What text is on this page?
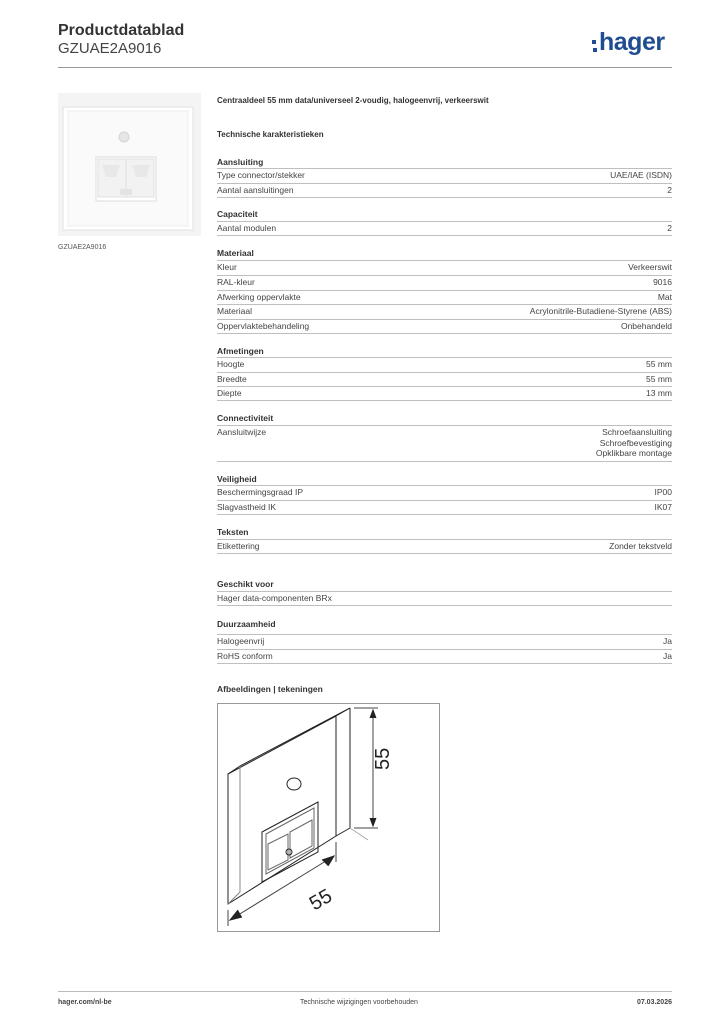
Productdatablad
GZUAE2A9016	hager
GZUAE2A9016
Centraaldeel 55 mm data/universeel 2-voudig, halogeenvrij, verkeerswit
Technische karakteristieken
Aansluiting
Type connector/stekker	UAE/IAE (ISDN)
Aantal aansluitingen	2
Capaciteit
Aantal modulen	2
Materiaal
Kleur	Verkeerswit
RAL-kleur	9016
Afwerking oppervlakte	Mat
Materiaal	Acrylonitrile-Butadiene-Styrene (ABS)
Oppervlaktebehandeling	Onbehandeld
Afmetingen
Hoogte	55 mm
Breedte	55 mm
Diepte	13 mm
Connectiviteit
Aansluitwijze	Schroefaansluiting
Schroefbevestiging
Opklikbare montage
Veiligheid
Beschermingsgraad IP	IP00
Slagvastheid IK	IK07
Teksten
Etikettering	Zonder tekstveld
Geschikt voor
Hager data-componenten BRx
Duurzaamheid
Halogeenvrij	Ja
RoHS conform	Ja
Afbeeldingen | tekeningen
55
55
hager.com/nl-be	Technische wijzigingen voorbehouden	07.03.2026
